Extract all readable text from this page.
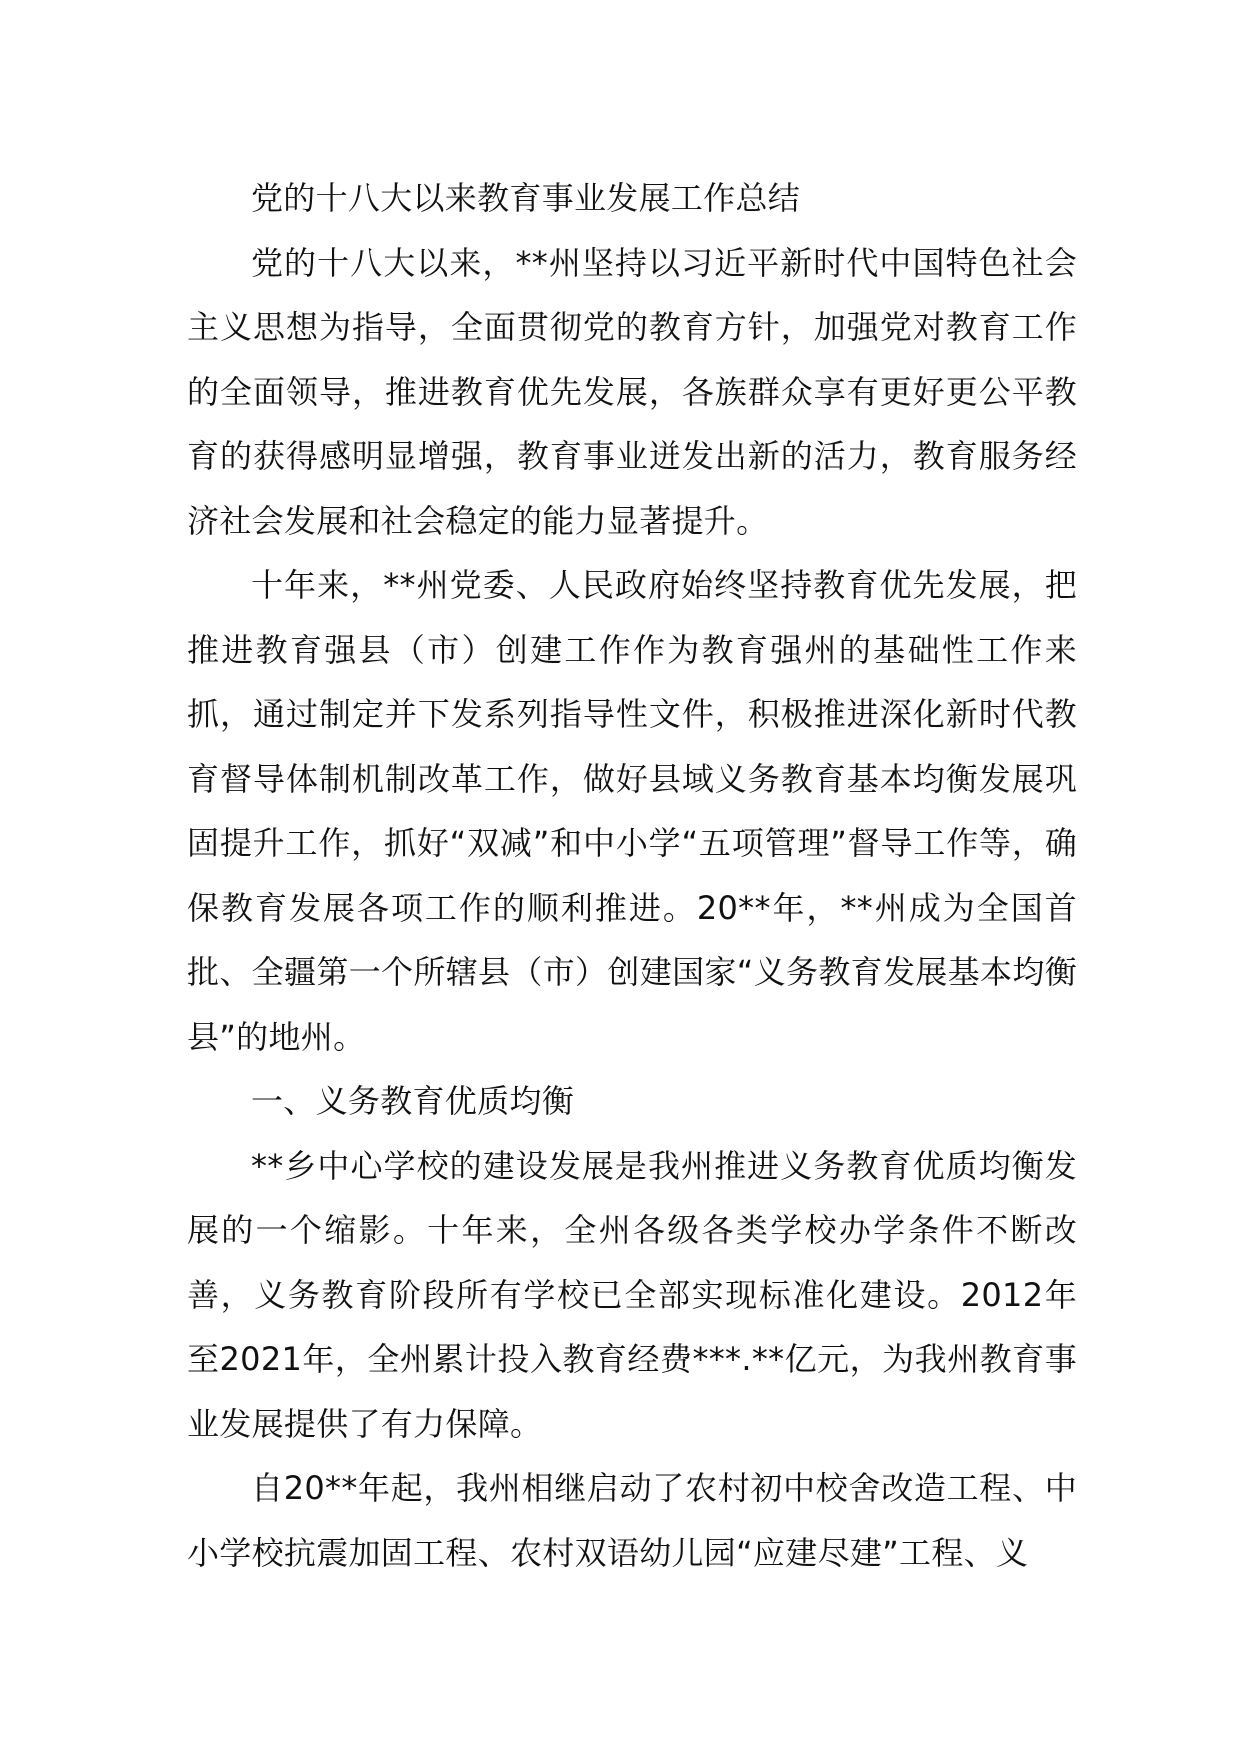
党的十八大以来教育事业发展工作总结

党的十八大以来，**州坚持以习近平新时代中国特色社会主义思想为指导，全面贯彻党的教育方针，加强党对教育工作的全面领导，推进教育优先发展，各族群众享有更好更公平教育的获得感明显增强，教育事业迸发出新的活力，教育服务经济社会发展和社会稳定的能力显著提升。

十年来，**州党委、人民政府始终坚持教育优先发展，把推进教育强县（市）创建工作作为教育强州的基础性工作来抓，通过制定并下发系列指导性文件，积极推进深化新时代教育督导体制机制改革工作，做好县域义务教育基本均衡发展巩固提升工作，抓好“双减”和中小学“五项管理”督导工作等，确保教育发展各项工作的顺利推进。20**年，**州成为全国首批、全疆第一个所辖县（市）创建国家“义务教育发展基本均衡县”的地州。

一、义务教育优质均衡

**乡中心学校的建设发展是我州推进义务教育优质均衡发展的一个缩影。十年来，全州各级各类学校办学条件不断改善，义务教育阶段所有学校已全部实现标准化建设。2012年至2021年，全州累计投入教育经费***.**亿元，为我州教育事业发展提供了有力保障。

自20**年起，我州相继启动了农村初中校舍改造工程、中小学校抗震加固工程、农村双语幼儿园“应建尽建”工程、义
